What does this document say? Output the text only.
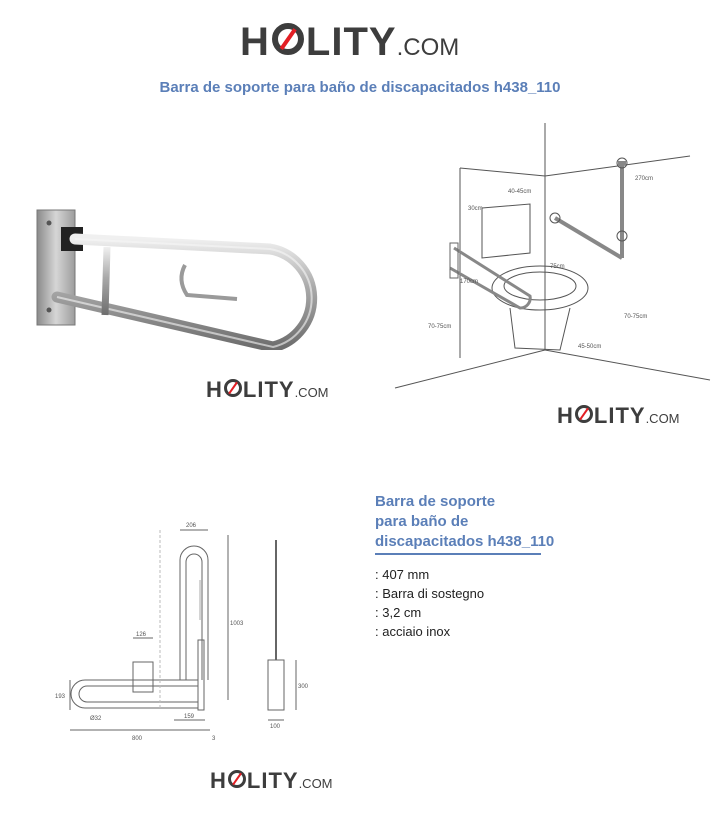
H LITY .COM
Barra de soporte para baño de discapacitados h438_110
H LITY .COM
270cm
40-45cm
30cm
75cm
170cm
70-75cm
70-75cm
45-50cm
H LITY .COM
206
1003
126
193
Ø32	159
800	3
300
100
H LITY .COM
Barra de soporte
para baño de
discapacitados h438_110
: 407 mm
: Barra di sostegno
: 3,2 cm
: acciaio inox
